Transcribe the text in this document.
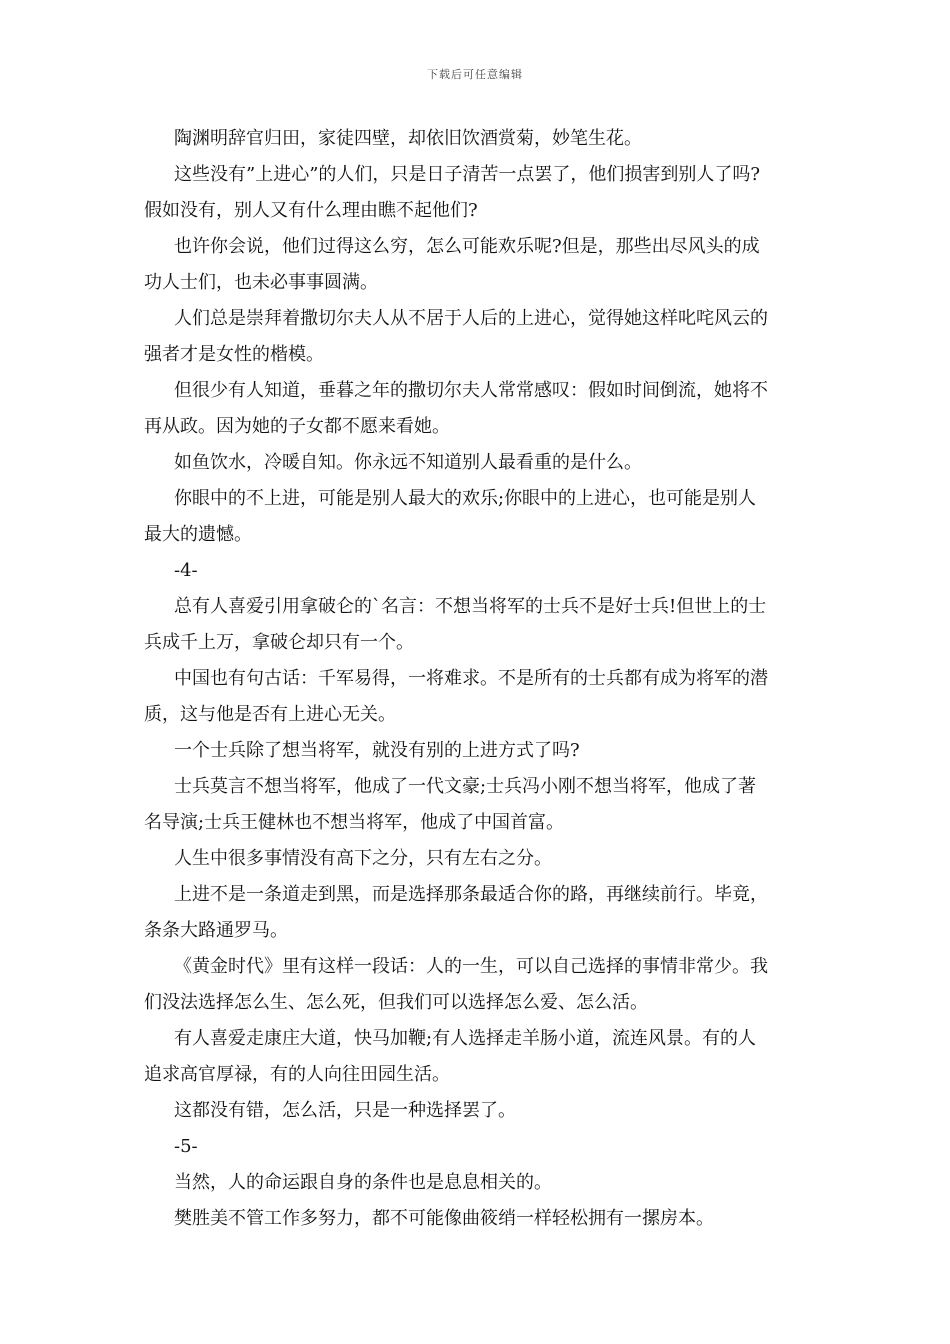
下载后可任意编辑
陶渊明辞官归田，家徒四壁，却依旧饮酒赏菊，妙笔生花。
这些没有”上进心”的人们，只是日子清苦一点罢了，他们损害到别人了吗?
假如没有，别人又有什么理由瞧不起他们?
也许你会说，他们过得这么穷，怎么可能欢乐呢?但是，那些出尽风头的成
功人士们，也未必事事圆满。
人们总是崇拜着撒切尔夫人从不居于人后的上进心，觉得她这样叱咤风云的
强者才是女性的楷模。
但很少有人知道，垂暮之年的撒切尔夫人常常感叹：假如时间倒流，她将不
再从政。因为她的子女都不愿来看她。
如鱼饮水，冷暖自知。你永远不知道别人最看重的是什么。
你眼中的不上进，可能是别人最大的欢乐;你眼中的上进心，也可能是别人
最大的遗憾。
-4-
总有人喜爱引用拿破仑的`名言：不想当将军的士兵不是好士兵!但世上的士
兵成千上万，拿破仑却只有一个。
中国也有句古话：千军易得，一将难求。不是所有的士兵都有成为将军的潜
质，这与他是否有上进心无关。
一个士兵除了想当将军，就没有别的上进方式了吗?
士兵莫言不想当将军，他成了一代文豪;士兵冯小刚不想当将军，他成了著
名导演;士兵王健林也不想当将军，他成了中国首富。
人生中很多事情没有高下之分，只有左右之分。
上进不是一条道走到黑，而是选择那条最适合你的路，再继续前行。毕竟，
条条大路通罗马。
《黄金时代》里有这样一段话：人的一生，可以自己选择的事情非常少。我
们没法选择怎么生、怎么死，但我们可以选择怎么爱、怎么活。
有人喜爱走康庄大道，快马加鞭;有人选择走羊肠小道，流连风景。有的人
追求高官厚禄，有的人向往田园生活。
这都没有错，怎么活，只是一种选择罢了。
-5-
当然，人的命运跟自身的条件也是息息相关的。
樊胜美不管工作多努力，都不可能像曲筱绡一样轻松拥有一摞房本。
